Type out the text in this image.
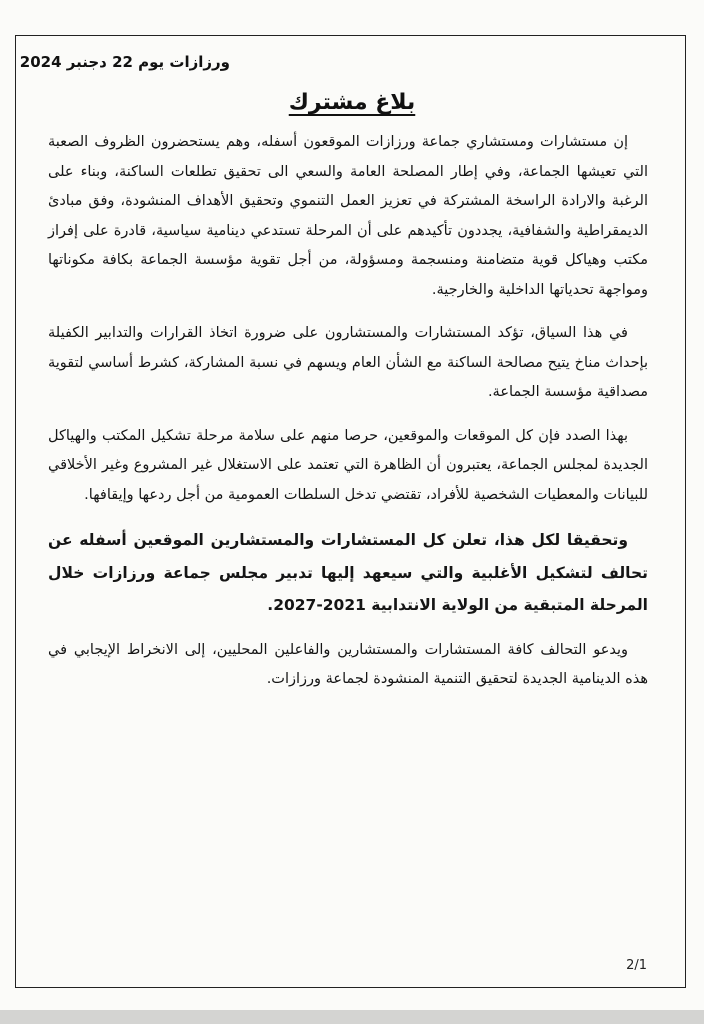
ورزازات يوم 22 دجنبر 2024
بلاغ مشترك

إن مستشارات ومستشاري جماعة ورزازات الموقعون أسفله، وهم يستحضرون الظروف الصعبة التي تعيشها الجماعة، وفي إطار المصلحة العامة والسعي الى تحقيق تطلعات الساكنة، وبناء على الرغبة والارادة الراسخة المشتركة في تعزيز العمل التنموي وتحقيق الأهداف المنشودة، وفق مبادئ الديمقراطية والشفافية، يجددون تأكيدهم على أن المرحلة تستدعي دينامية سياسية، قادرة على إفراز مكتب وهياكل قوية متضامنة ومنسجمة ومسؤولة، من أجل تقوية مؤسسة الجماعة بكافة مكوناتها ومواجهة تحدياتها الداخلية والخارجية.

في هذا السياق، تؤكد المستشارات والمستشارون على ضرورة اتخاذ القرارات والتدابير الكفيلة بإحداث مناخ يتيح مصالحة الساكنة مع الشأن العام ويسهم في نسبة المشاركة، كشرط أساسي لتقوية مصداقية مؤسسة الجماعة.

بهذا الصدد فإن كل الموقعات والموقعين، حرصا منهم على سلامة مرحلة تشكيل المكتب والهياكل الجديدة لمجلس الجماعة، يعتبرون أن الظاهرة التي تعتمد على الاستغلال غير المشروع وغير الأخلاقي للبيانات والمعطيات الشخصية للأفراد، تقتضي تدخل السلطات العمومية من أجل ردعها وإيقافها.

وتحقيقا لكل هذا، تعلن كل المستشارات والمستشارين الموقعين أسفله عن تحالف لتشكيل الأغلبية والتي سيعهد إليها تدبير مجلس جماعة ورزازات خلال المرحلة المتبقية من الولاية الانتدابية 2021-2027.

ويدعو التحالف كافة المستشارات والمستشارين والفاعلين المحليين، إلى الانخراط الإيجابي في هذه الدينامية الجديدة لتحقيق التنمية المنشودة لجماعة ورزازات.

2/1
